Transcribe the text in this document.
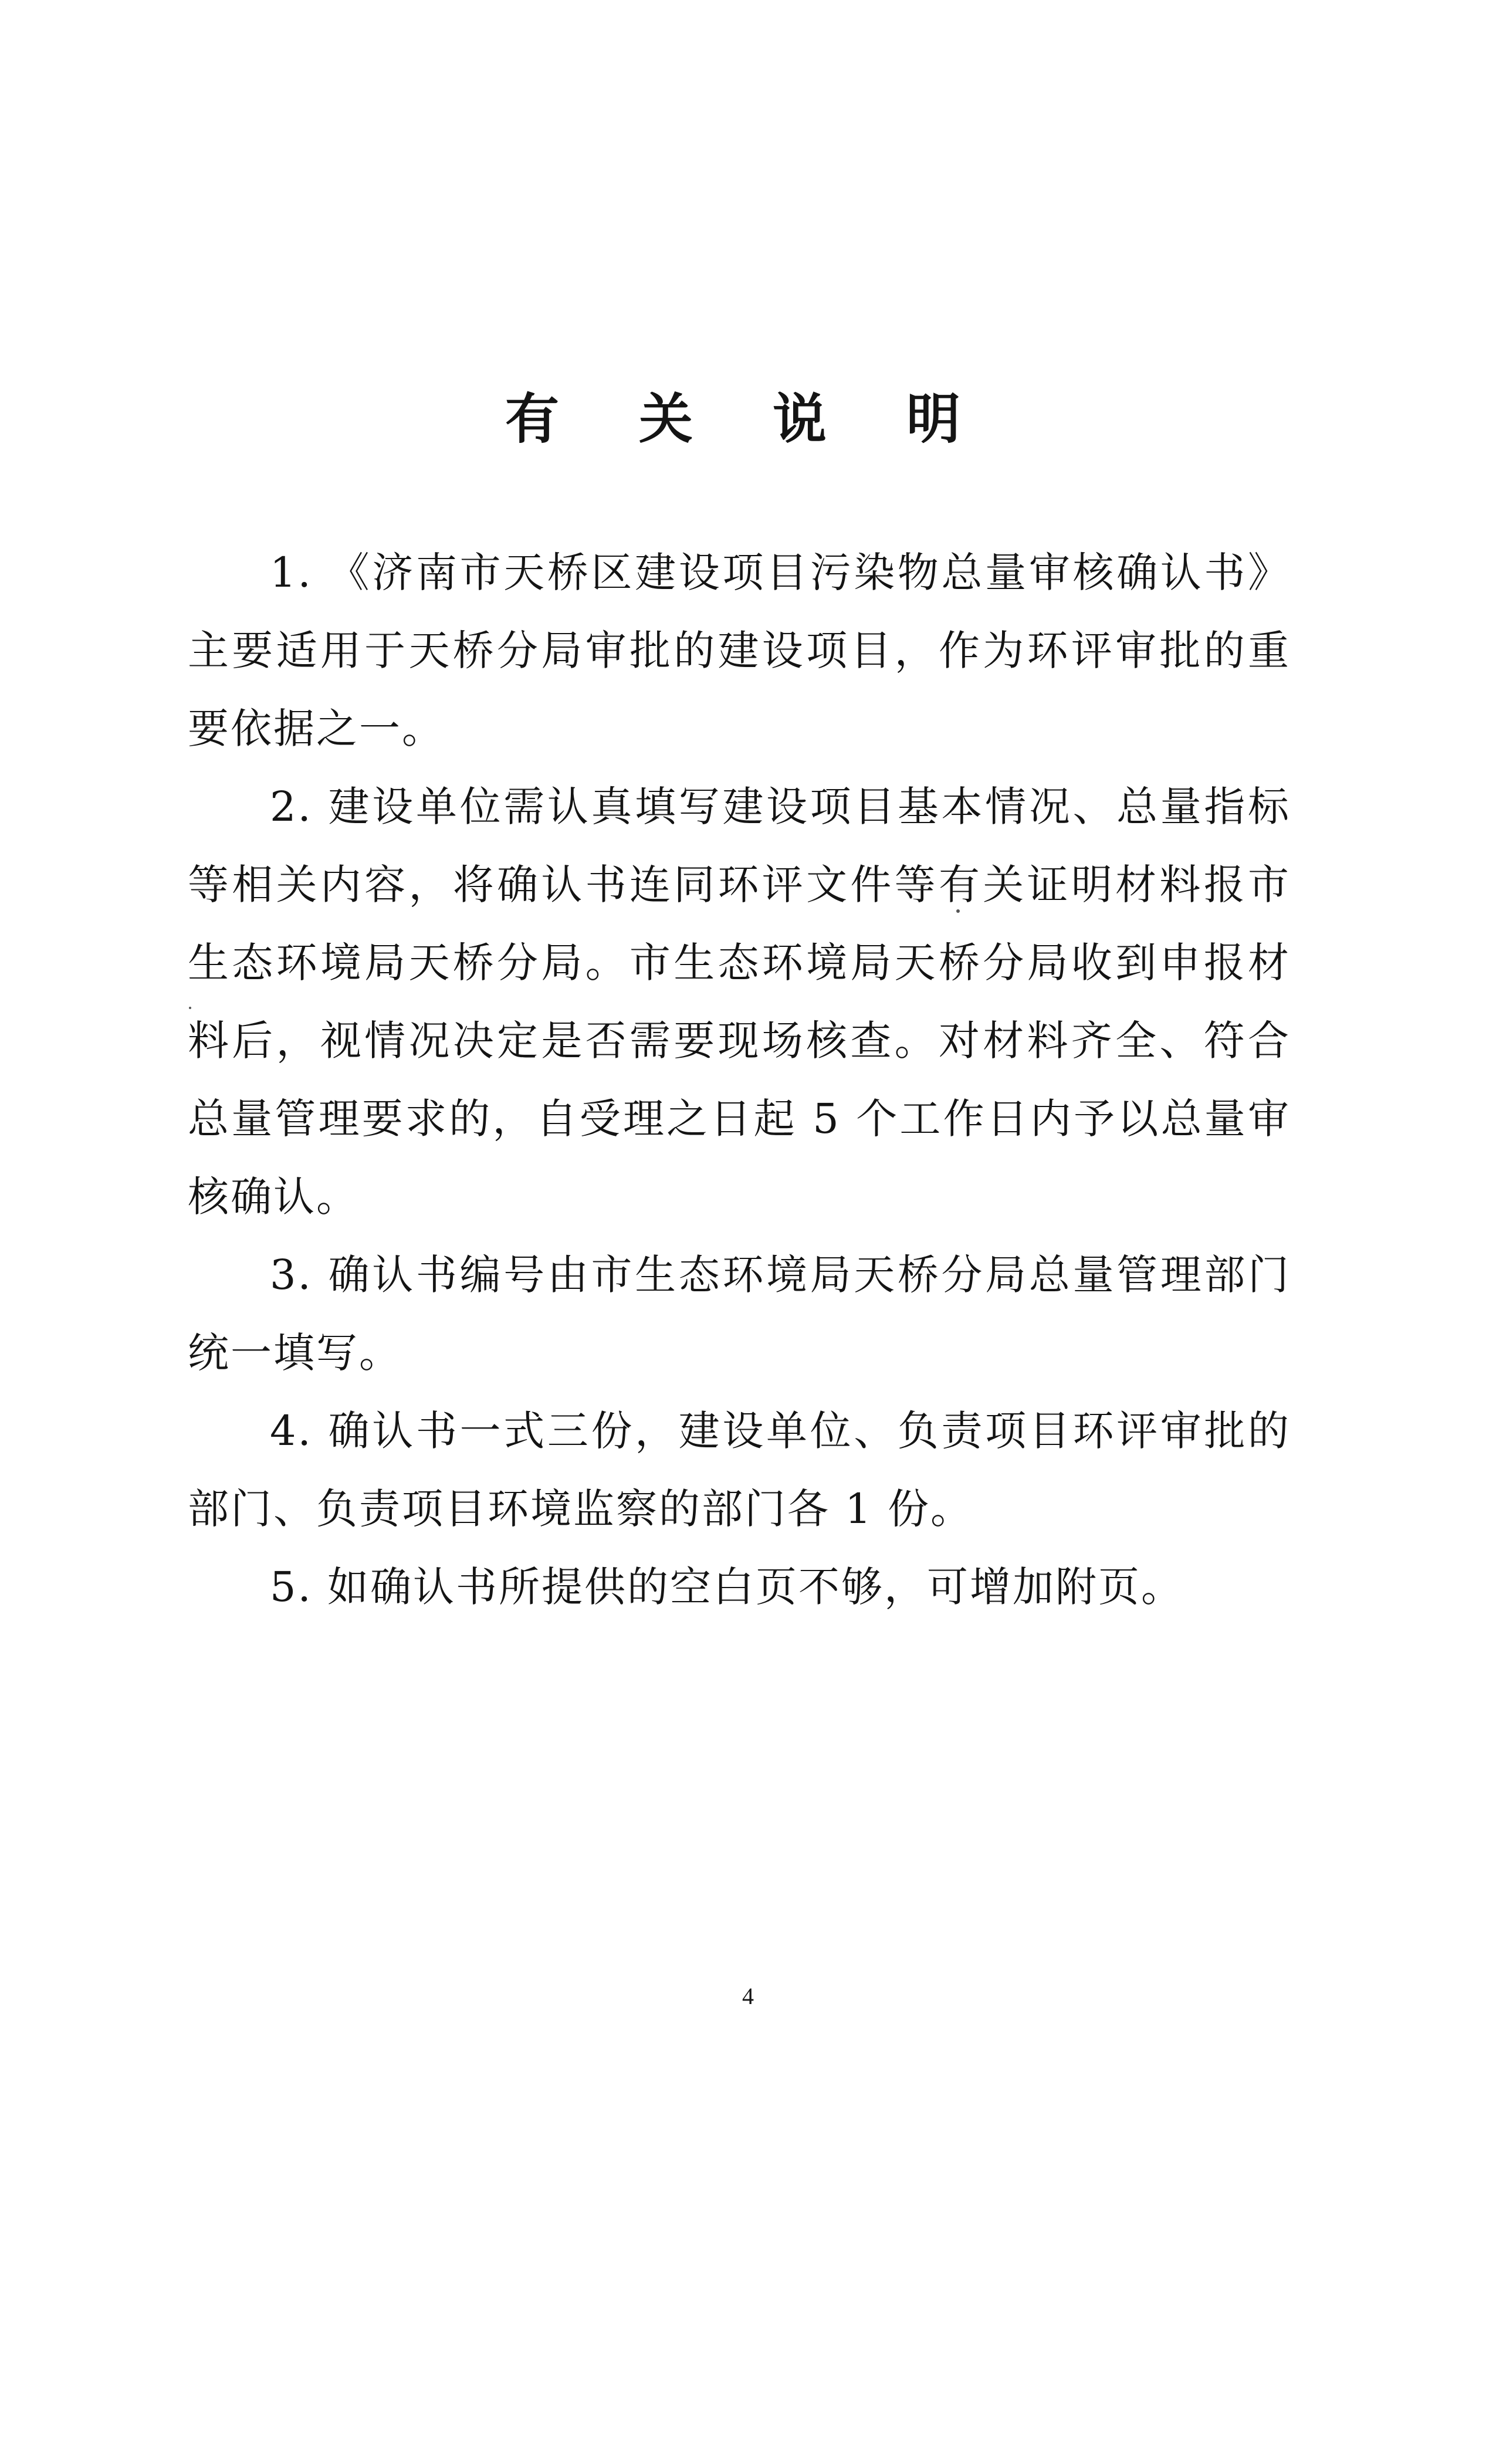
有 关 说 明

1. 《济南市天桥区建设项目污染物总量审核确认书》主要适用于天桥分局审批的建设项目，作为环评审批的重要依据之一。

2. 建设单位需认真填写建设项目基本情况、总量指标等相关内容，将确认书连同环评文件等有关证明材料报市生态环境局天桥分局。市生态环境局天桥分局收到申报材料后，视情况决定是否需要现场核查。对材料齐全、符合总量管理要求的，自受理之日起 5 个工作日内予以总量审核确认。

3. 确认书编号由市生态环境局天桥分局总量管理部门统一填写。

4. 确认书一式三份，建设单位、负责项目环评审批的部门、负责项目环境监察的部门各 1 份。

5. 如确认书所提供的空白页不够，可增加附页。

4
